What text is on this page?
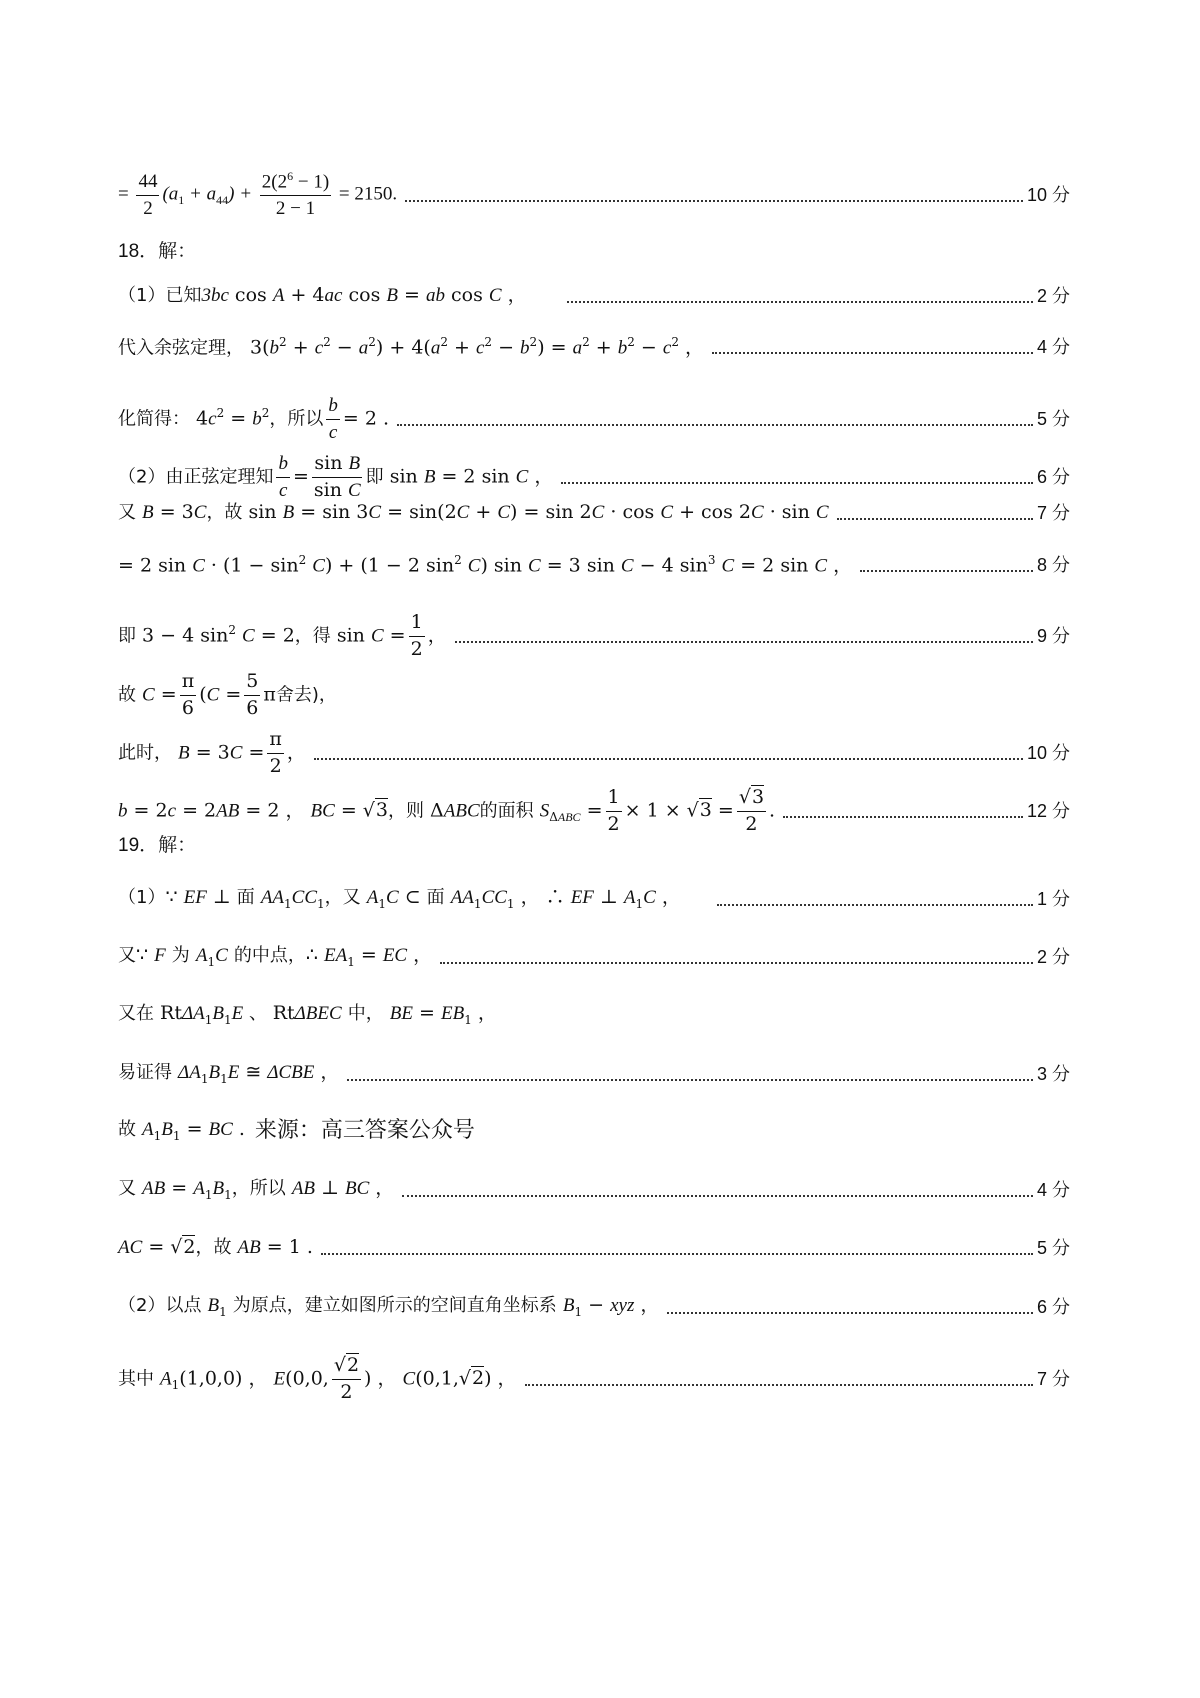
= $\frac{44}{2} (a_1 + a_{44}) + \frac{2(2^6 - 1)}{2 - 1} = 2150$.	10 分
18．解：
（1）已知3bc cos A + 4ac cos B = ab cos C ，	2 分
代入余弦定理， $3(b^2 + c^2 - a^2) + 4(a^2 + c^2 - b^2) = a^2 + b^2 - c^2$ ，	4 分
化简得： $4c^2 = b^2$，所以 $\frac{b}{c} = 2$ .	5 分
（2）由正弦定理知 $\frac{b}{c} = \frac{\text{sin B}}{\text{sin C}}$ 即 sin B = 2 sin C ，	6 分
又 B = 3C，故 sin B = sin 3C = sin(2C + C) = sin 2C · cos C + cos 2C · sin C	7 分
= 2 $\sin C \cdot (1 - \sin^2 C) + (1 - 2$ $\sin^2 C$) sin C = 3 sin C − 4 $\sin^3 C = 2$ sin C ，	8 分
即 3 − 4 $\sin^2 C = 2$，得 $\sin C = \frac{1}{2}$ ，	9 分
故 $C = \frac{\pi}{6} (C = \frac{5}{6}$ π舍去)，
此时， $B = 3C = \frac{\pi}{2}$ ，	10 分
b = 2c = 2AB = 2 ， BC = √3，则 ΔABC的面积 $S_{\Delta ABC} = \frac{1}{2} \times 1 \times √3 = \frac{√3}{2}$ .	12 分
19．解：
（1）∵ EF ⊥ 面 $AA_1CC_1$，又 $A_1C$ ⊂ 面 $AA_1CC_1$ ， ∴ EF ⊥ $A_1C$ ，	1 分
又∵ F 为 $A_1C$ 的中点，∴ $EA_1$ = EC ，	2 分
又在 $Rt\Delta A_1B_1E$ 、 RtΔBEC 中， BE = $EB_1$ ，
易证得 $\Delta A_1B_1E$ ≅ ΔCBE ，	3 分
故 $A_1B_1$ = BC . 来源：高三答案公众号
又 AB = $A_1B_1$，所以 AB ⊥ BC ，	4 分
AC = √2，故 AB = 1 .	5 分
（2）以点 $B_1$ 为原点，建立如图所示的空间直角坐标系 $B_1$ − xyz ，	6 分
其中 $A_1(1,0,0)$ ， E(0,0, $\frac{√2}{2}$ ) ， C(0,1,√2) ，	7 分
